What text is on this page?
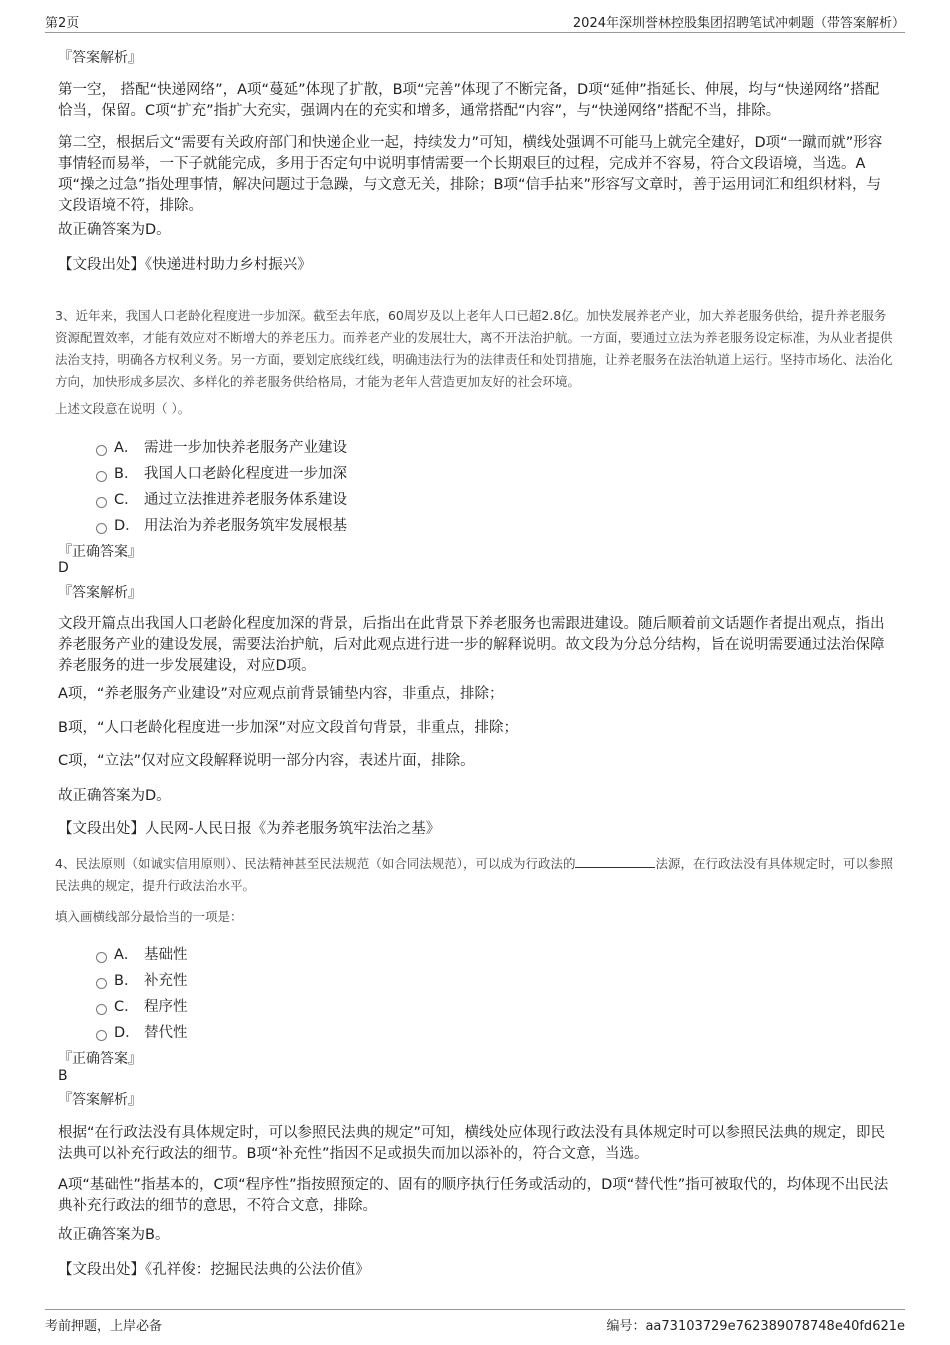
第2页	2024年深圳誉林控股集团招聘笔试冲刺题（带答案解析）
『答案解析』
第一空， 搭配“快递网络”，A项“蔓延”体现了扩散，B项“完善”体现了不断完备，D项“延伸”指延长、伸展，均与“快递网络”搭配恰当，保留。C项“扩充”指扩大充实，强调内在的充实和增多，通常搭配“内容”，与“快递网络”搭配不当，排除。
第二空，根据后文“需要有关政府部门和快递企业一起，持续发力”可知，横线处强调不可能马上就完全建好，D项“一蹴而就”形容事情轻而易举，一下子就能完成，多用于否定句中说明事情需要一个长期艰巨的过程，完成并不容易，符合文段语境，当选。A项“操之过急”指处理事情，解决问题过于急躁，与文意无关，排除；B项“信手拈来”形容写文章时，善于运用词汇和组织材料，与文段语境不符，排除。
故正确答案为D。
【文段出处】《快递进村助力乡村振兴》
3、近年来，我国人口老龄化程度进一步加深。截至去年底，60周岁及以上老年人口已超2.8亿。加快发展养老产业，加大养老服务供给，提升养老服务资源配置效率，才能有效应对不断增大的养老压力。而养老产业的发展壮大，离不开法治护航。一方面，要通过立法为养老服务设定标准，为从业者提供法治支持，明确各方权利义务。另一方面，要划定底线红线，明确违法行为的法律责任和处罚措施，让养老服务在法治轨道上运行。坚持市场化、法治化方向，加快形成多层次、多样化的养老服务供给格局，才能为老年人营造更加友好的社会环境。
上述文段意在说明（ ）。
A． 需进一步加快养老服务产业建设
B． 我国人口老龄化程度进一步加深
C． 通过立法推进养老服务体系建设
D． 用法治为养老服务筑牢发展根基
『正确答案』
D
『答案解析』
文段开篇点出我国人口老龄化程度加深的背景，后指出在此背景下养老服务也需跟进建设。随后顺着前文话题作者提出观点，指出养老服务产业的建设发展，需要法治护航，后对此观点进行进一步的解释说明。故文段为分总分结构，旨在说明需要通过法治保障养老服务的进一步发展建设，对应D项。
A项，“养老服务产业建设”对应观点前背景铺垫内容，非重点，排除；
B项，“人口老龄化程度进一步加深”对应文段首句背景，非重点，排除；
C项，“立法”仅对应文段解释说明一部分内容，表述片面，排除。
故正确答案为D。
【文段出处】人民网-人民日报《为养老服务筑牢法治之基》
4、民法原则（如诚实信用原则）、民法精神甚至民法规范（如合同法规范），可以成为行政法的	法源，在行政法没有具体规定时，可以参照民法典的规定，提升行政法治水平。
填入画横线部分最恰当的一项是：
A． 基础性
B． 补充性
C． 程序性
D． 替代性
『正确答案』
B
『答案解析』
根据“在行政法没有具体规定时，可以参照民法典的规定”可知，横线处应体现行政法没有具体规定时可以参照民法典的规定，即民法典可以补充行政法的细节。B项“补充性”指因不足或损失而加以添补的，符合文意，当选。
A项“基础性”指基本的，C项“程序性”指按照预定的、固有的顺序执行任务或活动的，D项“替代性”指可被取代的，均体现不出民法典补充行政法的细节的意思，不符合文意，排除。
故正确答案为B。
【文段出处】《孔祥俊：挖掘民法典的公法价值》
考前押题，上岸必备	编号：aa73103729e762389078748e40fd621e
